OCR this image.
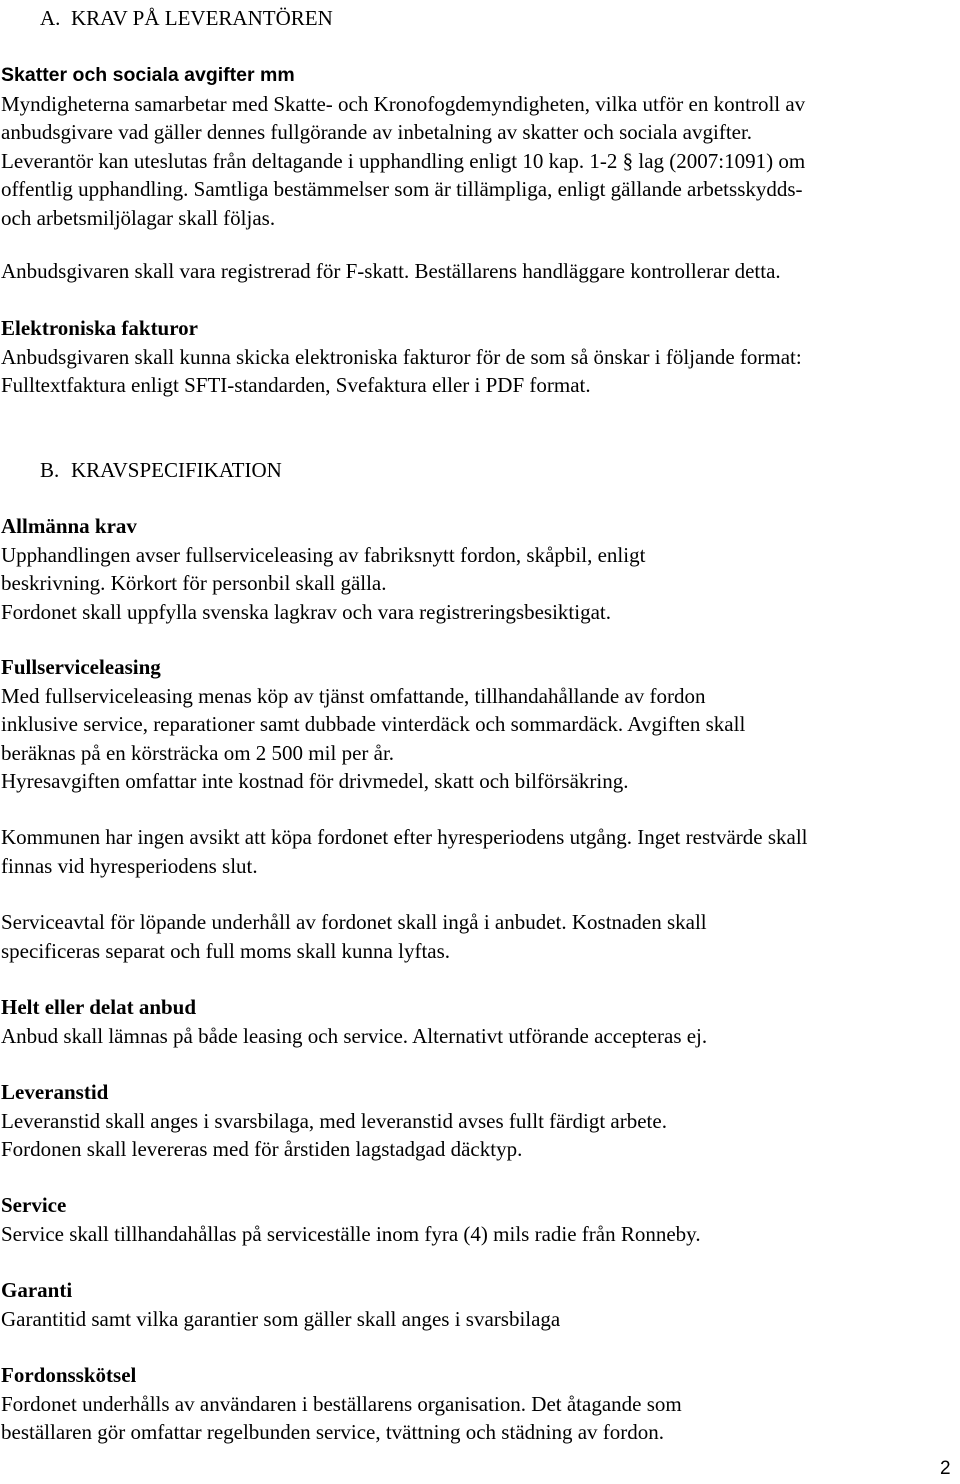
A. KRAV PÅ LEVERANTÖREN
Skatter och sociala avgifter mm
Myndigheterna samarbetar med Skatte- och Kronofogdemyndigheten, vilka utför en kontroll av
anbudsgivare vad gäller dennes fullgörande av inbetalning av skatter och sociala avgifter.
Leverantör kan uteslutas från deltagande i upphandling enligt 10 kap. 1-2 § lag (2007:1091) om
offentlig upphandling. Samtliga bestämmelser som är tillämpliga, enligt gällande arbetsskydds-
och arbetsmiljölagar skall följas.
Anbudsgivaren skall vara registrerad för F-skatt. Beställarens handläggare kontrollerar detta.
Elektroniska fakturor
Anbudsgivaren skall kunna skicka elektroniska fakturor för de som så önskar i följande format:
Fulltextfaktura enligt SFTI-standarden, Svefaktura eller i PDF format.
B. KRAVSPECIFIKATION
Allmänna krav
Upphandlingen avser fullserviceleasing av fabriksnytt fordon, skåpbil, enligt
beskrivning. Körkort för personbil skall gälla.
Fordonet skall uppfylla svenska lagkrav och vara registreringsbesiktigat.
Fullserviceleasing
Med fullserviceleasing menas köp av tjänst omfattande, tillhandahållande av fordon
inklusive service, reparationer samt dubbade vinterdäck och sommardäck. Avgiften skall
beräknas på en körsträcka om 2 500 mil per år.
Hyresavgiften omfattar inte kostnad för drivmedel, skatt och bilförsäkring.
Kommunen har ingen avsikt att köpa fordonet efter hyresperiodens utgång. Inget restvärde skall
finnas vid hyresperiodens slut.
Serviceavtal för löpande underhåll av fordonet skall ingå i anbudet. Kostnaden skall
specificeras separat och full moms skall kunna lyftas.
Helt eller delat anbud
Anbud skall lämnas på både leasing och service. Alternativt utförande accepteras ej.
Leveranstid
Leveranstid skall anges i svarsbilaga, med leveranstid avses fullt färdigt arbete.
Fordonen skall levereras med för årstiden lagstadgad däcktyp.
Service
Service skall tillhandahållas på serviceställe inom fyra (4) mils radie från Ronneby.
Garanti
Garantitid samt vilka garantier som gäller skall anges i svarsbilaga
Fordonsskötsel
Fordonet underhålls av användaren i beställarens organisation. Det åtagande som
beställaren gör omfattar regelbunden service, tvättning och städning av fordon.
2
